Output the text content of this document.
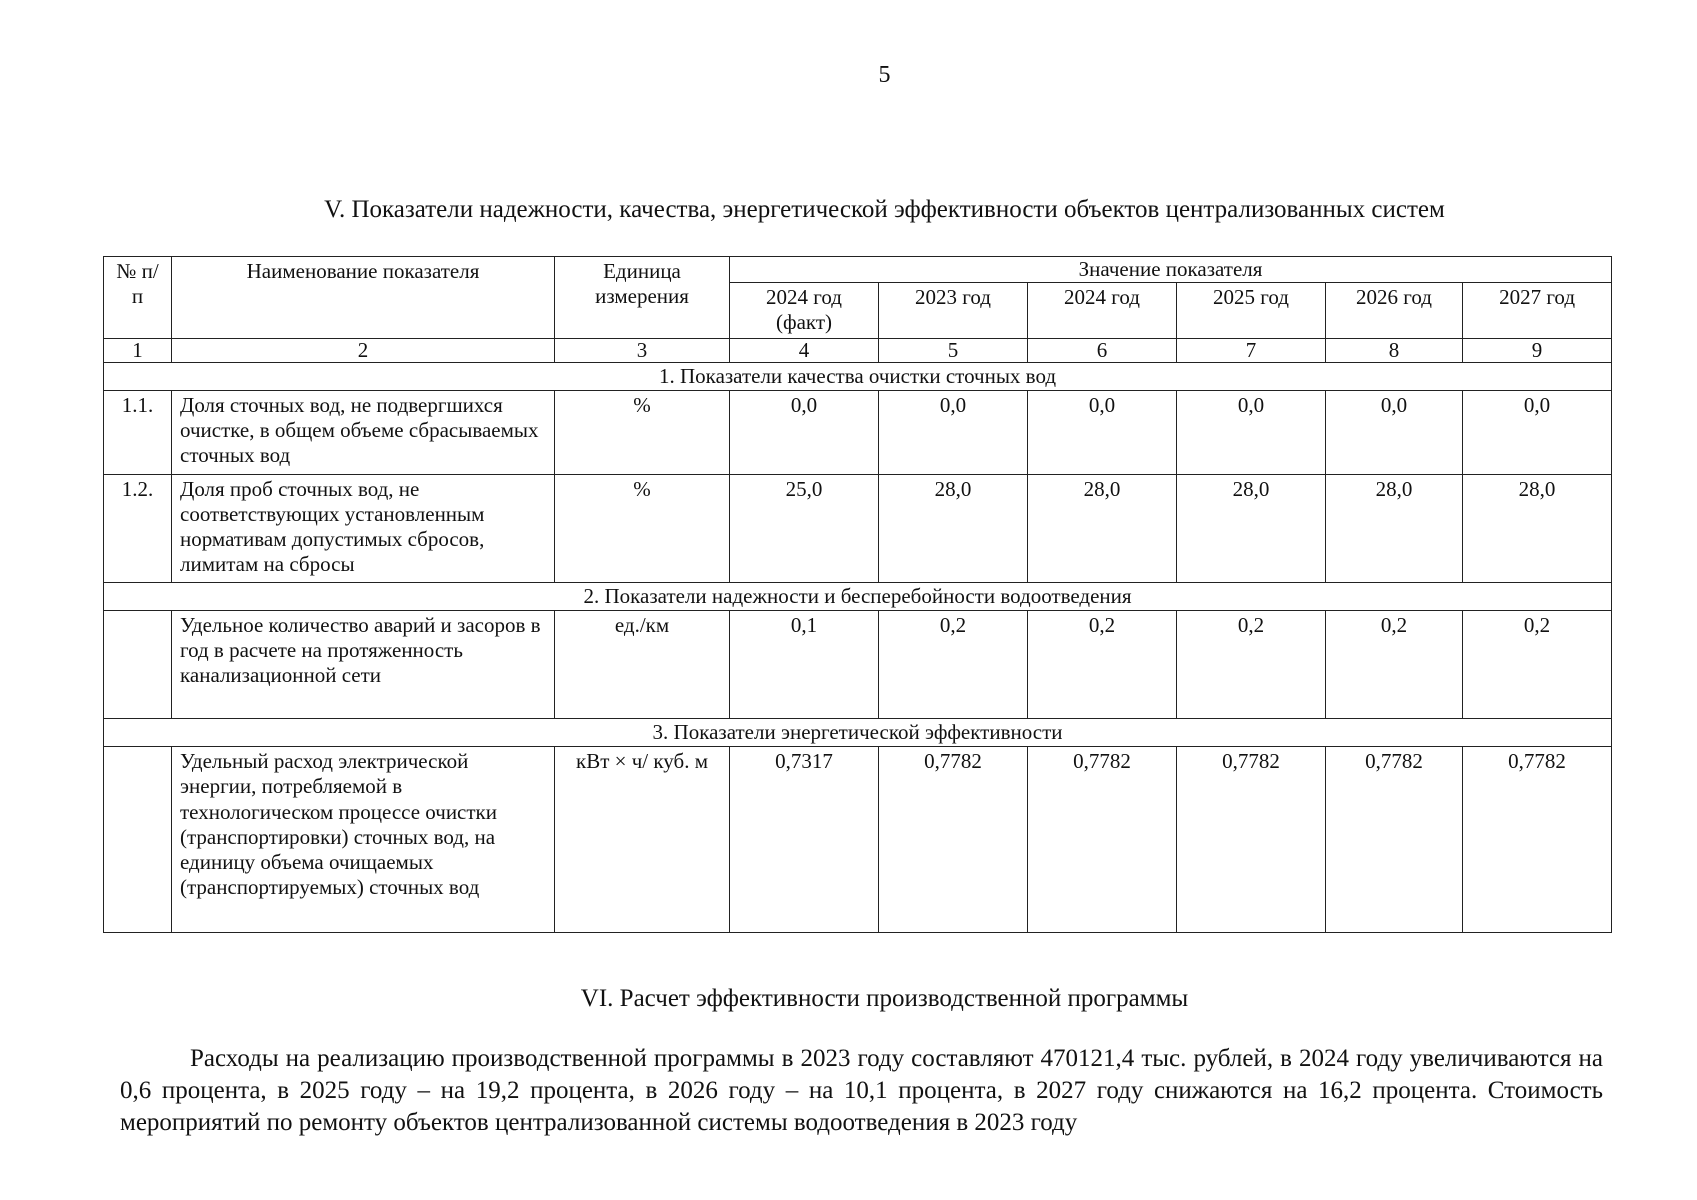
5
V. Показатели надежности, качества, энергетической эффективности объектов централизованных систем
№ п/п	Наименование показателя	Единица измерения	Значение показателя					
			2024 год (факт)	2023 год	2024 год	2025 год	2026 год	2027 год
1	2	3	4	5	6	7	8	9
1. Показатели качества очистки сточных вод								
1.1.	Доля сточных вод, не подвергшихся очистке, в общем объеме сбрасываемых сточных вод	%	0,0	0,0	0,0	0,0	0,0	0,0
1.2.	Доля проб сточных вод, не соответствующих установленным нормативам допустимых сбросов, лимитам на сбросы	%	25,0	28,0	28,0	28,0	28,0	28,0
2. Показатели надежности и бесперебойности водоотведения								
	Удельное количество аварий и засоров в год в расчете на протяженность канализационной сети	ед./км	0,1	0,2	0,2	0,2	0,2	0,2
3. Показатели энергетической эффективности								
	Удельный расход электрической энергии, потребляемой в технологическом процессе очистки (транспортировки) сточных вод, на единицу объема очищаемых (транспортируемых) сточных вод	кВт × ч/ куб. м	0,7317	0,7782	0,7782	0,7782	0,7782	0,7782
VI. Расчет эффективности производственной программы

Расходы на реализацию производственной программы в 2023 году составляют 470121,4 тыс. рублей, в 2024 году увеличиваются на 0,6 процента, в 2025 году – на 19,2 процента, в 2026 году – на 10,1 процента, в 2027 году снижаются на 16,2 процента. Стоимость мероприятий по ремонту объектов централизованной системы водоотведения в 2023 году
